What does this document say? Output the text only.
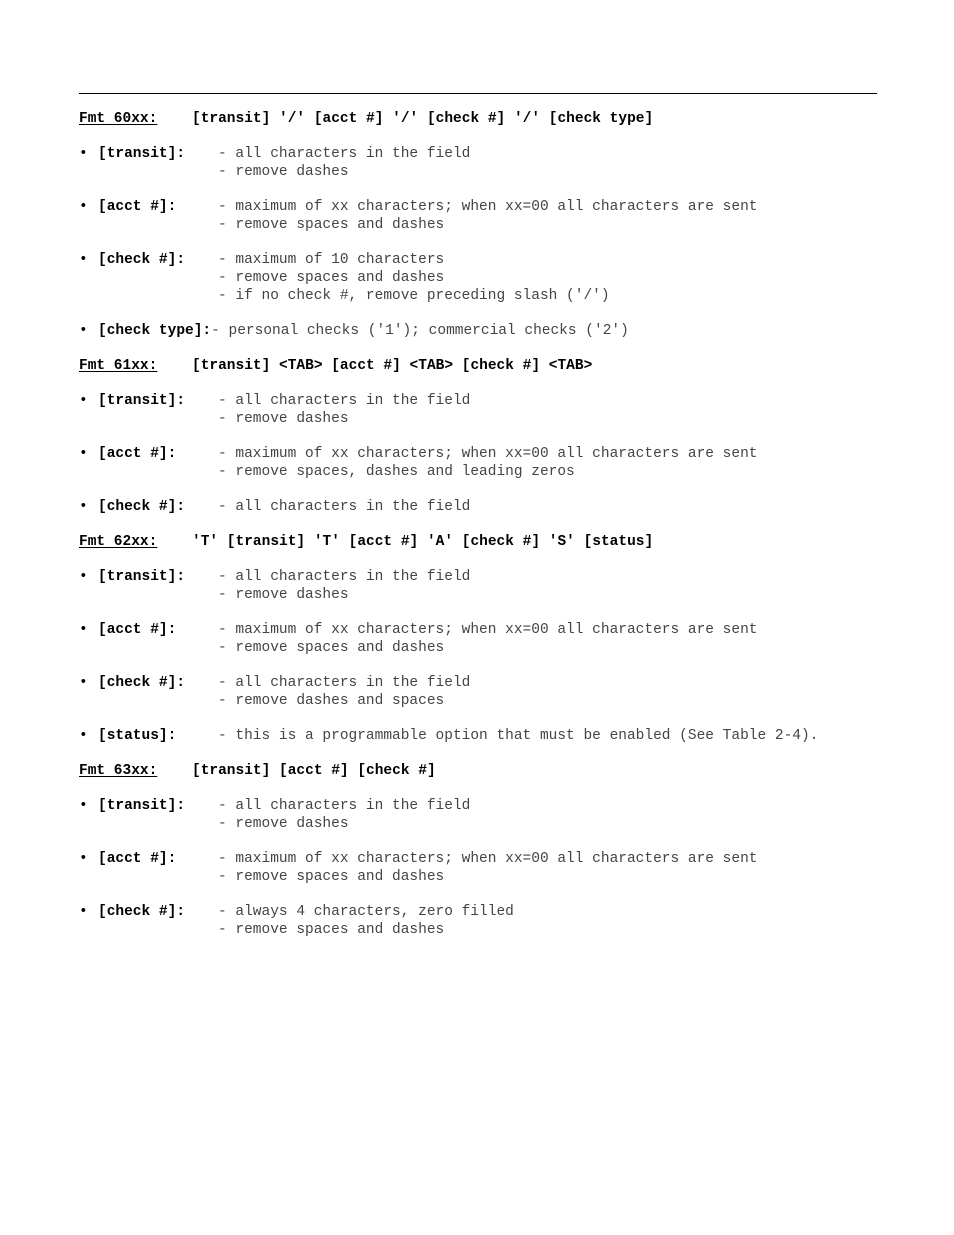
Fmt 60xx: [transit] '/' [acct #] '/' [check #] '/' [check type]
• [transit]: - all characters in the field
- remove dashes
• [acct #]:	- maximum of xx characters; when xx=00 all characters are sent
- remove spaces and dashes
• [check #]: - maximum of 10 characters
- remove spaces and dashes
- if no check #, remove preceding slash ('/')
• [check type]:- personal checks ('1'); commercial checks ('2')
Fmt 61xx: [transit] <TAB> [acct #] <TAB> [check #] <TAB>
• [transit]: - all characters in the field
- remove dashes
• [acct #]:	- maximum of xx characters; when xx=00 all characters are sent
- remove spaces, dashes and leading zeros
• [check #]: - all characters in the field
Fmt 62xx: 'T' [transit] 'T' [acct #] 'A' [check #] 'S' [status]
• [transit]: - all characters in the field
- remove dashes
• [acct #]:	- maximum of xx characters; when xx=00 all characters are sent
- remove spaces and dashes
• [check #]: - all characters in the field
- remove dashes and spaces
• [status]:	- this is a programmable option that must be enabled (See Table 2-4).
Fmt 63xx: [transit] [acct #] [check #]
• [transit]: - all characters in the field
- remove dashes
• [acct #]:	- maximum of xx characters; when xx=00 all characters are sent
- remove spaces and dashes
• [check #]: - always 4 characters, zero filled
- remove spaces and dashes
